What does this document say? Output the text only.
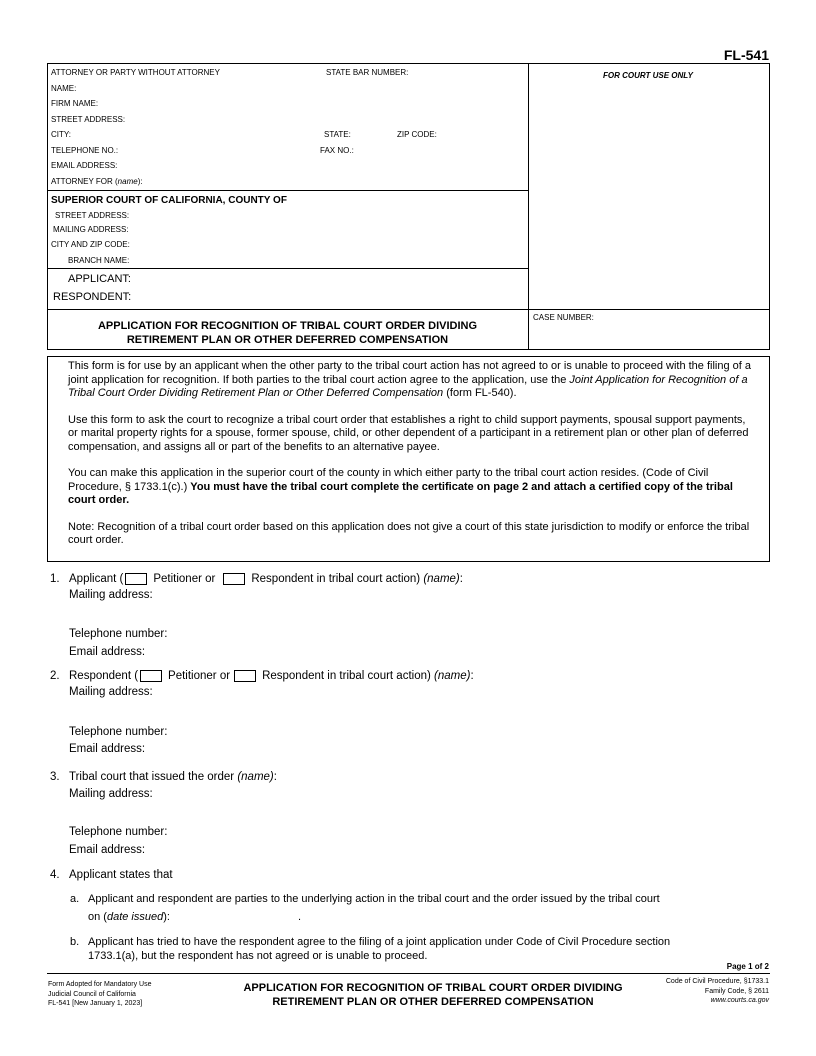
FL-541
ATTORNEY OR PARTY WITHOUT ATTORNEY	STATE BAR NUMBER:
NAME:
FIRM NAME:
STREET ADDRESS:
CITY:	STATE:	ZIP CODE:
TELEPHONE NO.:	FAX NO.:
EMAIL ADDRESS:
ATTORNEY FOR (name):
FOR COURT USE ONLY
SUPERIOR COURT OF CALIFORNIA, COUNTY OF
STREET ADDRESS:
MAILING ADDRESS:
CITY AND ZIP CODE:
BRANCH NAME:
APPLICANT:
RESPONDENT:
APPLICATION FOR RECOGNITION OF TRIBAL COURT ORDER DIVIDING
RETIREMENT PLAN OR OTHER DEFERRED COMPENSATION
CASE NUMBER:

This form is for use by an applicant when the other party to the tribal court action has not agreed to or is unable to proceed with the filing of a joint application for recognition. If both parties to the tribal court action agree to the application, use the Joint Application for Recognition of a Tribal Court Order Dividing Retirement Plan or Other Deferred Compensation (form FL-540).

Use this form to ask the court to recognize a tribal court order that establishes a right to child support payments, spousal support payments, or marital property rights for a spouse, former spouse, child, or other dependent of a participant in a retirement plan or other plan of deferred compensation, and assigns all or part of the benefits to an alternative payee.

You can make this application in the superior court of the county in which either party to the tribal court action resides. (Code of Civil Procedure, § 1733.1(c).) You must have the tribal court complete the certificate on page 2 and attach a certified copy of the tribal court order.

Note: Recognition of a tribal court order based on this application does not give a court of this state jurisdiction to modify or enforce the tribal court order.

1. Applicant (	Petitioner or	Respondent in tribal court action) (name):
Mailing address:
Telephone number:
Email address:
2. Respondent (	Petitioner or	Respondent in tribal court action) (name):
Mailing address:
Telephone number:
Email address:
3. Tribal court that issued the order (name):
Mailing address:
Telephone number:
Email address:
4. Applicant states that
a. Applicant and respondent are parties to the underlying action in the tribal court and the order issued by the tribal court
on (date issued):	.
b. Applicant has tried to have the respondent agree to the filing of a joint application under Code of Civil Procedure section
1733.1(a), but the respondent has not agreed or is unable to proceed.
Page 1 of 2
Form Adopted for Mandatory Use
Judicial Council of California
FL-541 [New January 1, 2023]
APPLICATION FOR RECOGNITION OF TRIBAL COURT ORDER DIVIDING
RETIREMENT PLAN OR OTHER DEFERRED COMPENSATION
Code of Civil Procedure, §1733.1
Family Code, § 2611
www.courts.ca.gov
